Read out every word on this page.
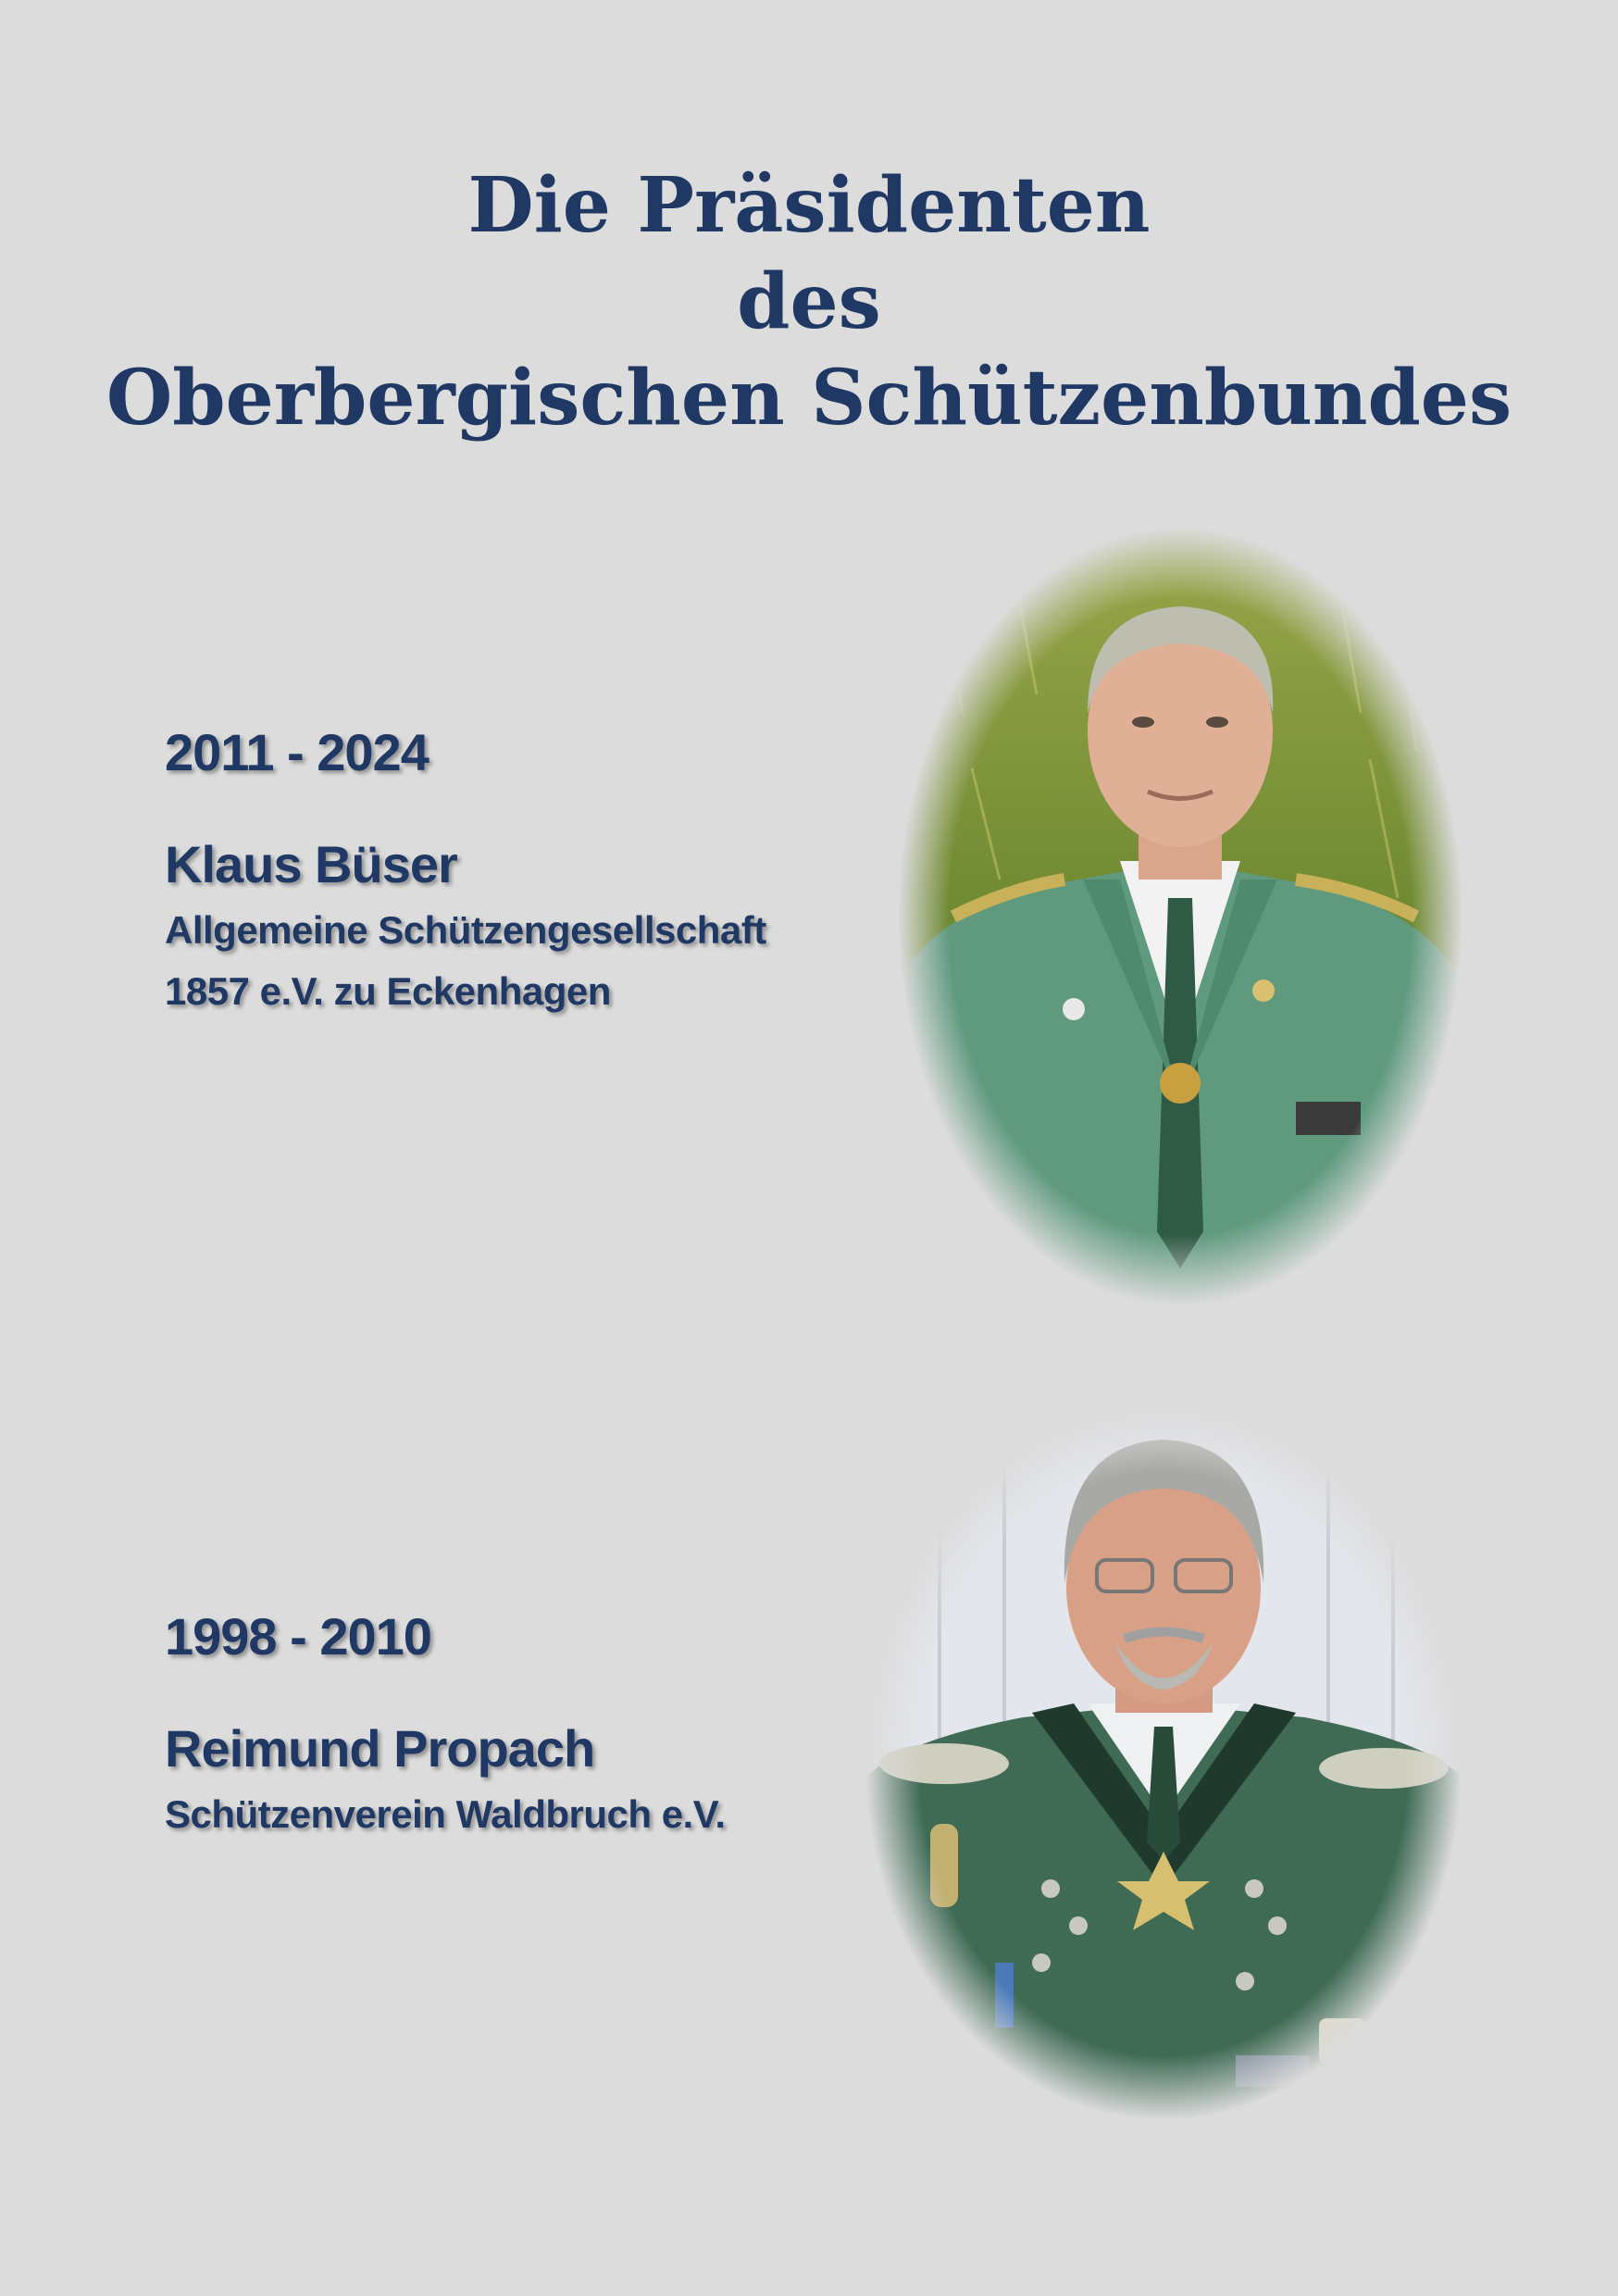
Die Präsidenten
des
Oberbergischen Schützenbundes
2011 - 2024
Klaus Büser
Allgemeine Schützengesellschaft
1857 e.V. zu Eckenhagen
1998 - 2010
Reimund Propach
Schützenverein Waldbruch e.V.
